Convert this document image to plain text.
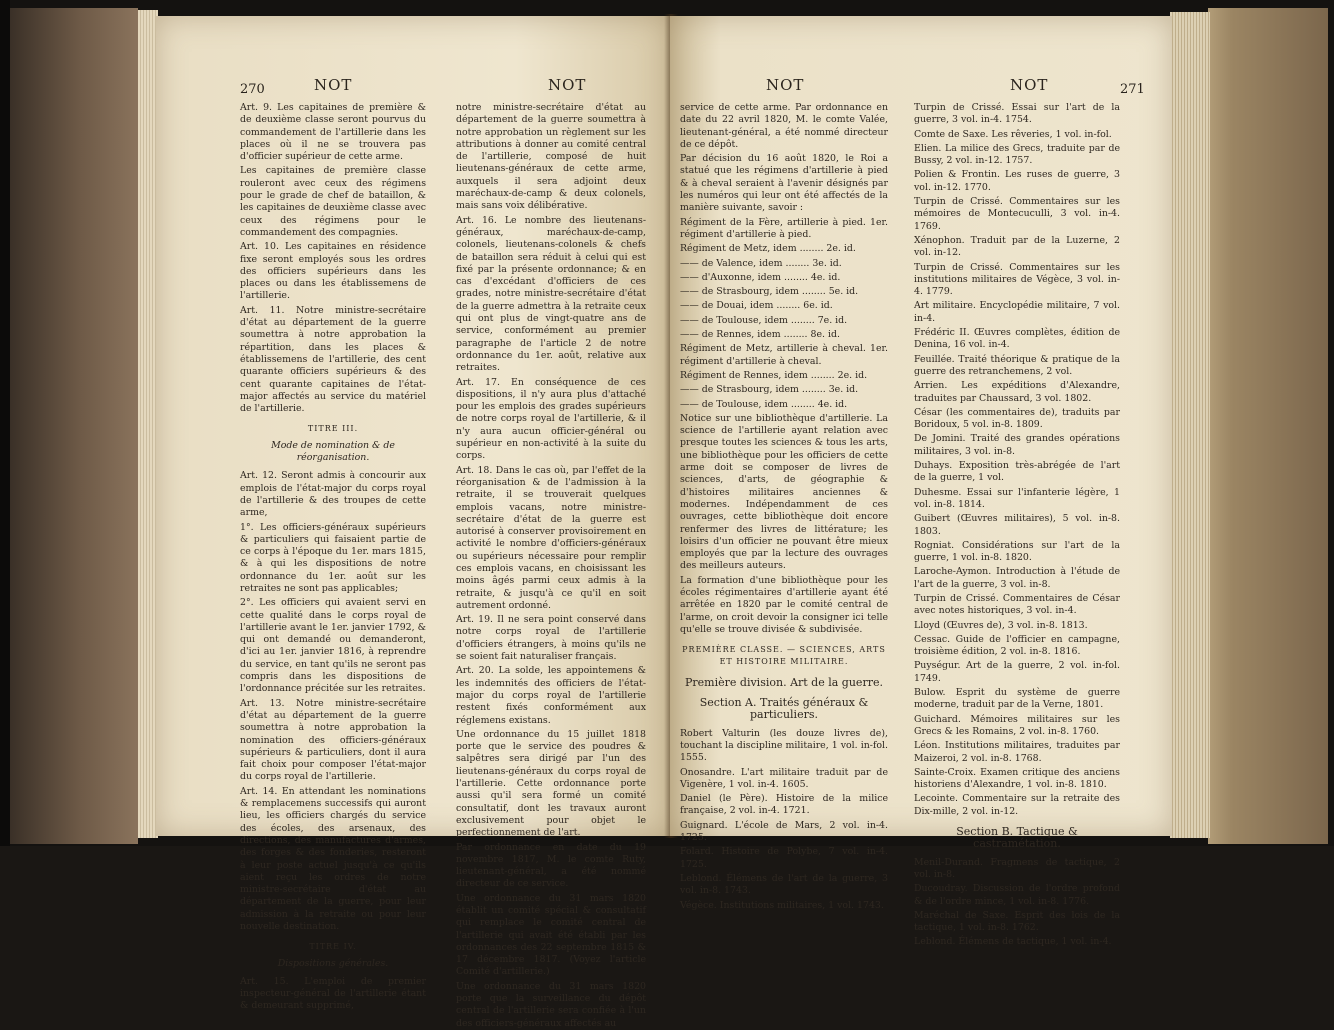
270	NOT	NOT

Art. 9. Les capitaines de première & de deuxième classe seront pourvus du commandement de l'artillerie dans les places où il ne se trouvera pas d'officier supérieur de cette arme.

Les capitaines de première classe rouleront avec ceux des régimens pour le grade de chef de bataillon, & les capitaines de deuxième classe avec ceux des régimens pour le commandement des compagnies.

Art. 10. Les capitaines en résidence fixe seront employés sous les ordres des officiers supérieurs dans les places ou dans les établissemens de l'artillerie.

Art. 11. Notre ministre-secrétaire d'état au département de la guerre soumettra à notre approbation la répartition, dans les places & établissemens de l'artillerie, des cent quarante officiers supérieurs & des cent quarante capitaines de l'état-major affectés au service du matériel de l'artillerie.

TITRE III.

Mode de nomination & de réorganisation.

Art. 12. Seront admis à concourir aux emplois de l'état-major du corps royal de l'artillerie & des troupes de cette arme,

1°. Les officiers-généraux supérieurs & particuliers qui faisaient partie de ce corps à l'époque du 1er. mars 1815, & à qui les dispositions de notre ordonnance du 1er. août sur les retraites ne sont pas applicables;

2°. Les officiers qui avaient servi en cette qualité dans le corps royal de l'artillerie avant le 1er. janvier 1792, & qui ont demandé ou demanderont, d'ici au 1er. janvier 1816, à reprendre du service, en tant qu'ils ne seront pas compris dans les dispositions de l'ordonnance précitée sur les retraites.

Art. 13. Notre ministre-secrétaire d'état au département de la guerre soumettra à notre approbation la nomination des officiers-généraux supérieurs & particuliers, dont il aura fait choix pour composer l'état-major du corps royal de l'artillerie.

Art. 14. En attendant les nominations & remplacemens successifs qui auront lieu, les officiers chargés du service des écoles, des arsenaux, des directions, des manufactures d'armes, des forges & des fonderies, resteront à leur poste actuel jusqu'à ce qu'ils aient reçu les ordres de notre ministre-secrétaire d'état au département de la guerre, pour leur admission à la retraite ou pour leur nouvelle destination.

TITRE IV.

Dispositions générales.

Art. 15. L'emploi de premier inspecteur-général de l'artillerie étant & demeurant supprimé,

notre ministre-secrétaire d'état au département de la guerre soumettra à notre approbation un règlement sur les attributions à donner au comité central de l'artillerie, composé de huit lieutenans-généraux de cette arme, auxquels il sera adjoint deux maréchaux-de-camp & deux colonels, mais sans voix délibérative.

Art. 16. Le nombre des lieutenans-généraux, maréchaux-de-camp, colonels, lieutenans-colonels & chefs de bataillon sera réduit à celui qui est fixé par la présente ordonnance; & en cas d'excédant d'officiers de ces grades, notre ministre-secrétaire d'état de la guerre admettra à la retraite ceux qui ont plus de vingt-quatre ans de service, conformément au premier paragraphe de l'article 2 de notre ordonnance du 1er. août, relative aux retraites.

Art. 17. En conséquence de ces dispositions, il n'y aura plus d'attaché pour les emplois des grades supérieurs de notre corps royal de l'artillerie, & il n'y aura aucun officier-général ou supérieur en non-activité à la suite du corps.

Art. 18. Dans le cas où, par l'effet de la réorganisation & de l'admission à la retraite, il se trouverait quelques emplois vacans, notre ministre-secrétaire d'état de la guerre est autorisé à conserver provisoirement en activité le nombre d'officiers-généraux ou supérieurs nécessaire pour remplir ces emplois vacans, en choisissant les moins âgés parmi ceux admis à la retraite, & jusqu'à ce qu'il en soit autrement ordonné.

Art. 19. Il ne sera point conservé dans notre corps royal de l'artillerie d'officiers étrangers, à moins qu'ils ne se soient fait naturaliser français.

Art. 20. La solde, les appointemens & les indemnités des officiers de l'état-major du corps royal de l'artillerie restent fixés conformément aux réglemens existans.

Une ordonnance du 15 juillet 1818 porte que le service des poudres & salpêtres sera dirigé par l'un des lieutenans-généraux du corps royal de l'artillerie. Cette ordonnance porte aussi qu'il sera formé un comité consultatif, dont les travaux auront exclusivement pour objet le perfectionnement de l'art.

Par ordonnance en date du 19 novembre 1817, M. le comte Ruty, lieutenant-général, a été nommé directeur de ce service.

Une ordonnance du 31 mars 1820 établit un comité spécial & consultatif qui remplace le comité central de l'artillerie qui avait été établi par les ordonnances des 22 septembre 1815 & 17 décembre 1817. (Voyez l'article Comité d'artillerie.)

Une ordonnance du 31 mars 1820 porte que la surveillance du dépôt central de l'artillerie sera confiée à l'un des officiers-généraux affectés au

NOT	NOT	271

service de cette arme. Par ordonnance en date du 22 avril 1820, M. le comte Valée, lieutenant-général, a été nommé directeur de ce dépôt.

Par décision du 16 août 1820, le Roi a statué que les régimens d'artillerie à pied & à cheval seraient à l'avenir désignés par les numéros qui leur ont été affectés de la manière suivante, savoir :

Régiment de la Fère, artillerie à pied. 1er. régiment d'artillerie à pied.

Régiment de Metz, idem ........ 2e. id.

—— de Valence, idem ........ 3e. id.

—— d'Auxonne, idem ........ 4e. id.

—— de Strasbourg, idem ........ 5e. id.

—— de Douai, idem ........ 6e. id.

—— de Toulouse, idem ........ 7e. id.

—— de Rennes, idem ........ 8e. id.

Régiment de Metz, artillerie à cheval. 1er. régiment d'artillerie à cheval.

Régiment de Rennes, idem ........ 2e. id.

—— de Strasbourg, idem ........ 3e. id.

—— de Toulouse, idem ........ 4e. id.

Notice sur une bibliothèque d'artillerie. La science de l'artillerie ayant relation avec presque toutes les sciences & tous les arts, une bibliothèque pour les officiers de cette arme doit se composer de livres de sciences, d'arts, de géographie & d'histoires militaires anciennes & modernes. Indépendamment de ces ouvrages, cette bibliothèque doit encore renfermer des livres de littérature; les loisirs d'un officier ne pouvant être mieux employés que par la lecture des ouvrages des meilleurs auteurs.

La formation d'une bibliothèque pour les écoles régimentaires d'artillerie ayant été arrêtée en 1820 par le comité central de l'arme, on croit devoir la consigner ici telle qu'elle se trouve divisée & subdivisée.

PREMIÈRE CLASSE. — SCIENCES, ARTS ET HISTOIRE MILITAIRE.

Première division. Art de la guerre.

Section A. Traités généraux & particuliers.

Robert Valturin (les douze livres de), touchant la discipline militaire, 1 vol. in-fol. 1555.

Onosandre. L'art militaire traduit par de Vigenère, 1 vol. in-4. 1605.

Daniel (le Père). Histoire de la milice française, 2 vol. in-4. 1721.

Guignard. L'école de Mars, 2 vol. in-4. 1725.

Folard. Histoire de Polybe, 7 vol. in-4. 1725.

Leblond. Élémens de l'art de la guerre, 3 vol. in-8. 1743.

Végèce. Institutions militaires, 1 vol. 1743.

Turpin de Crissé. Essai sur l'art de la guerre, 3 vol. in-4. 1754.

Comte de Saxe. Les rêveries, 1 vol. in-fol.

Elien. La milice des Grecs, traduite par de Bussy, 2 vol. in-12. 1757.

Polien & Frontin. Les ruses de guerre, 3 vol. in-12. 1770.

Turpin de Crissé. Commentaires sur les mémoires de Montecuculli, 3 vol. in-4. 1769.

Xénophon. Traduit par de la Luzerne, 2 vol. in-12.

Turpin de Crissé. Commentaires sur les institutions militaires de Végèce, 3 vol. in-4. 1779.

Art militaire. Encyclopédie militaire, 7 vol. in-4.

Frédéric II. Œuvres complètes, édition de Denina, 16 vol. in-4.

Feuillée. Traité théorique & pratique de la guerre des retranchemens, 2 vol.

Arrien. Les expéditions d'Alexandre, traduites par Chaussard, 3 vol. 1802.

César (les commentaires de), traduits par Boridoux, 5 vol. in-8. 1809.

De Jomini. Traité des grandes opérations militaires, 3 vol. in-8.

Duhays. Exposition très-abrégée de l'art de la guerre, 1 vol.

Duhesme. Essai sur l'infanterie légère, 1 vol. in-8. 1814.

Guibert (Œuvres militaires), 5 vol. in-8. 1803.

Rogniat. Considérations sur l'art de la guerre, 1 vol. in-8. 1820.

Laroche-Aymon. Introduction à l'étude de l'art de la guerre, 3 vol. in-8.

Turpin de Crissé. Commentaires de César avec notes historiques, 3 vol. in-4.

Lloyd (Œuvres de), 3 vol. in-8. 1813.

Cessac. Guide de l'officier en campagne, troisième édition, 2 vol. in-8. 1816.

Puységur. Art de la guerre, 2 vol. in-fol. 1749.

Bulow. Esprit du système de guerre moderne, traduit par de la Verne, 1801.

Guichard. Mémoires militaires sur les Grecs & les Romains, 2 vol. in-8. 1760.

Léon. Institutions militaires, traduites par Maizeroi, 2 vol. in-8. 1768.

Sainte-Croix. Examen critique des anciens historiens d'Alexandre, 1 vol. in-8. 1810.

Lecointe. Commentaire sur la retraite des Dix-mille, 2 vol. in-12.

Section B. Tactique & castramétation.

Menil-Durand. Fragmens de tactique, 2 vol. in-8.

Ducoudray. Discussion de l'ordre profond & de l'ordre mince, 1 vol. in-8. 1776.

Maréchal de Saxe. Esprit des lois de la tactique, 1 vol. in-8. 1762.

Leblond. Élémens de tactique, 1 vol. in-4.
